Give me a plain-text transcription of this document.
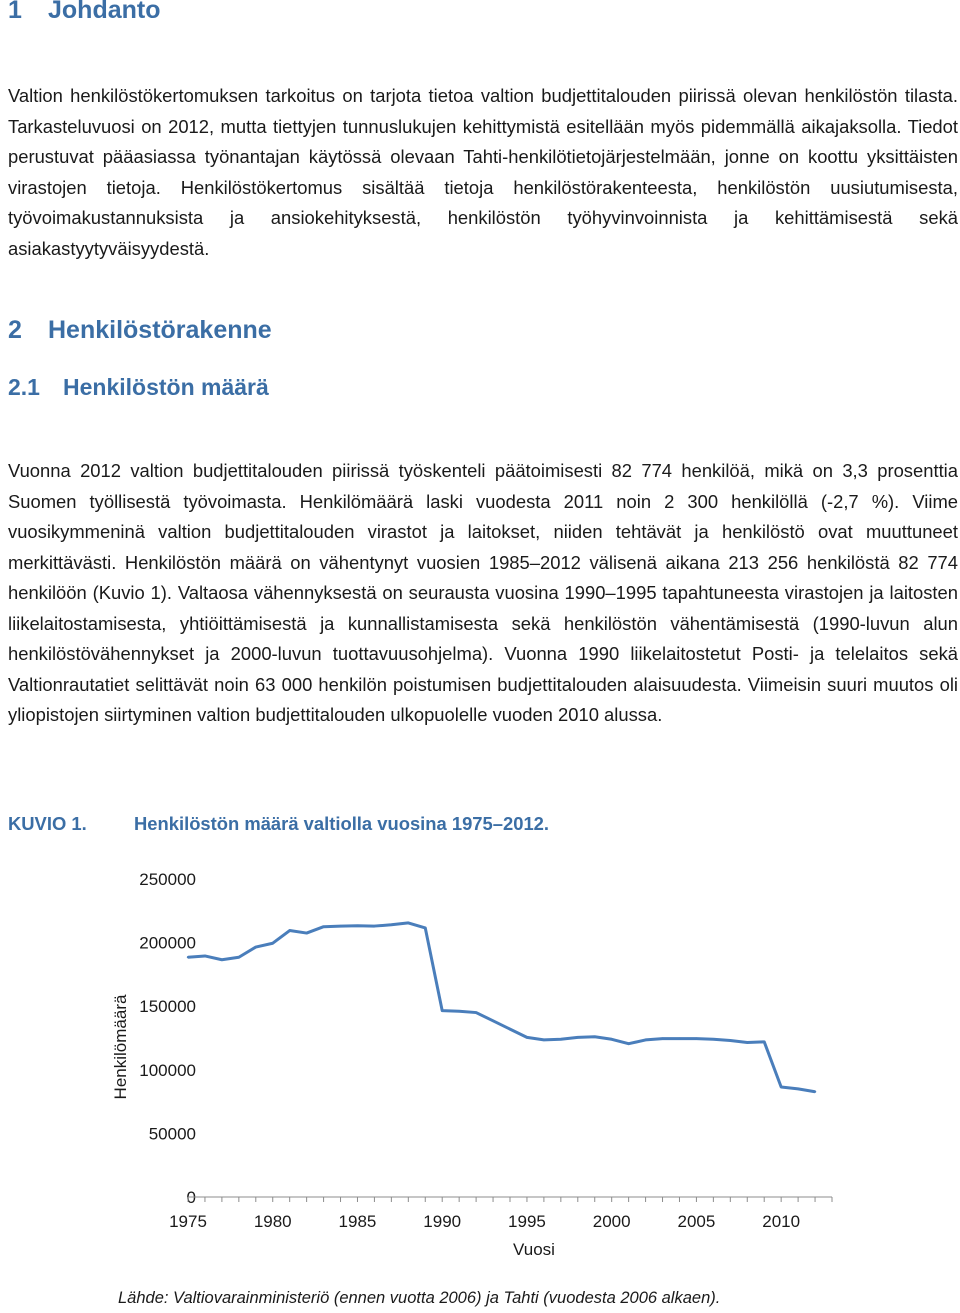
1 Johdanto

Valtion henkilöstökertomuksen tarkoitus on tarjota tietoa valtion budjettitalouden piirissä olevan henkilöstön tilasta. Tarkasteluvuosi on 2012, mutta tiettyjen tunnuslukujen kehittymistä esitellään myös pidemmällä aikajaksolla. Tiedot perustuvat pääasiassa työnantajan käytössä olevaan Tahti-henkilötietojärjestelmään, jonne on koottu yksittäisten virastojen tietoja. Henkilöstökertomus sisältää tietoja henkilöstörakenteesta, henkilöstön uusiutumisesta, työvoimakustannuksista ja ansiokehityksestä, henkilöstön työhyvinvoinnista ja kehittämisestä sekä asiakastyytyväisyydestä.

2 Henkilöstörakenne
2.1 Henkilöstön määrä

Vuonna 2012 valtion budjettitalouden piirissä työskenteli päätoimisesti 82 774 henkilöä, mikä on 3,3 prosenttia Suomen työllisestä työvoimasta. Henkilömäärä laski vuodesta 2011 noin 2 300 henkilöllä (-2,7 %). Viime vuosikymmeninä valtion budjettitalouden virastot ja laitokset, niiden tehtävät ja henkilöstö ovat muuttuneet merkittävästi. Henkilöstön määrä on vähentynyt vuosien 1985–2012 välisenä aikana 213 256 henkilöstä 82 774 henkilöön (Kuvio 1). Valtaosa vähennyksestä on seurausta vuosina 1990–1995 tapahtuneesta virastojen ja laitosten liikelaitostamisesta, yhtiöittämisestä ja kunnallistamisesta sekä henkilöstön vähentämisestä (1990-luvun alun henkilöstövähennykset ja 2000-luvun tuottavuusohjelma). Vuonna 1990 liikelaitostetut Posti- ja telelaitos sekä Valtionrautatiet selittävät noin 63 000 henkilön poistumisen budjettitalouden alaisuudesta. Viimeisin suuri muutos oli yliopistojen siirtyminen valtion budjettitalouden ulkopuolelle vuoden 2010 alussa.

KUVIO 1.	Henkilöstön määrä valtiolla vuosina 1975–2012.
250000
200000
150000
100000
50000
0
1975	1980	1985	1990	1995	2000	2005	2010
Henkilömäärä
Vuosi
Lähde: Valtiovarainministeriö (ennen vuotta 2006) ja Tahti (vuodesta 2006 alkaen).
